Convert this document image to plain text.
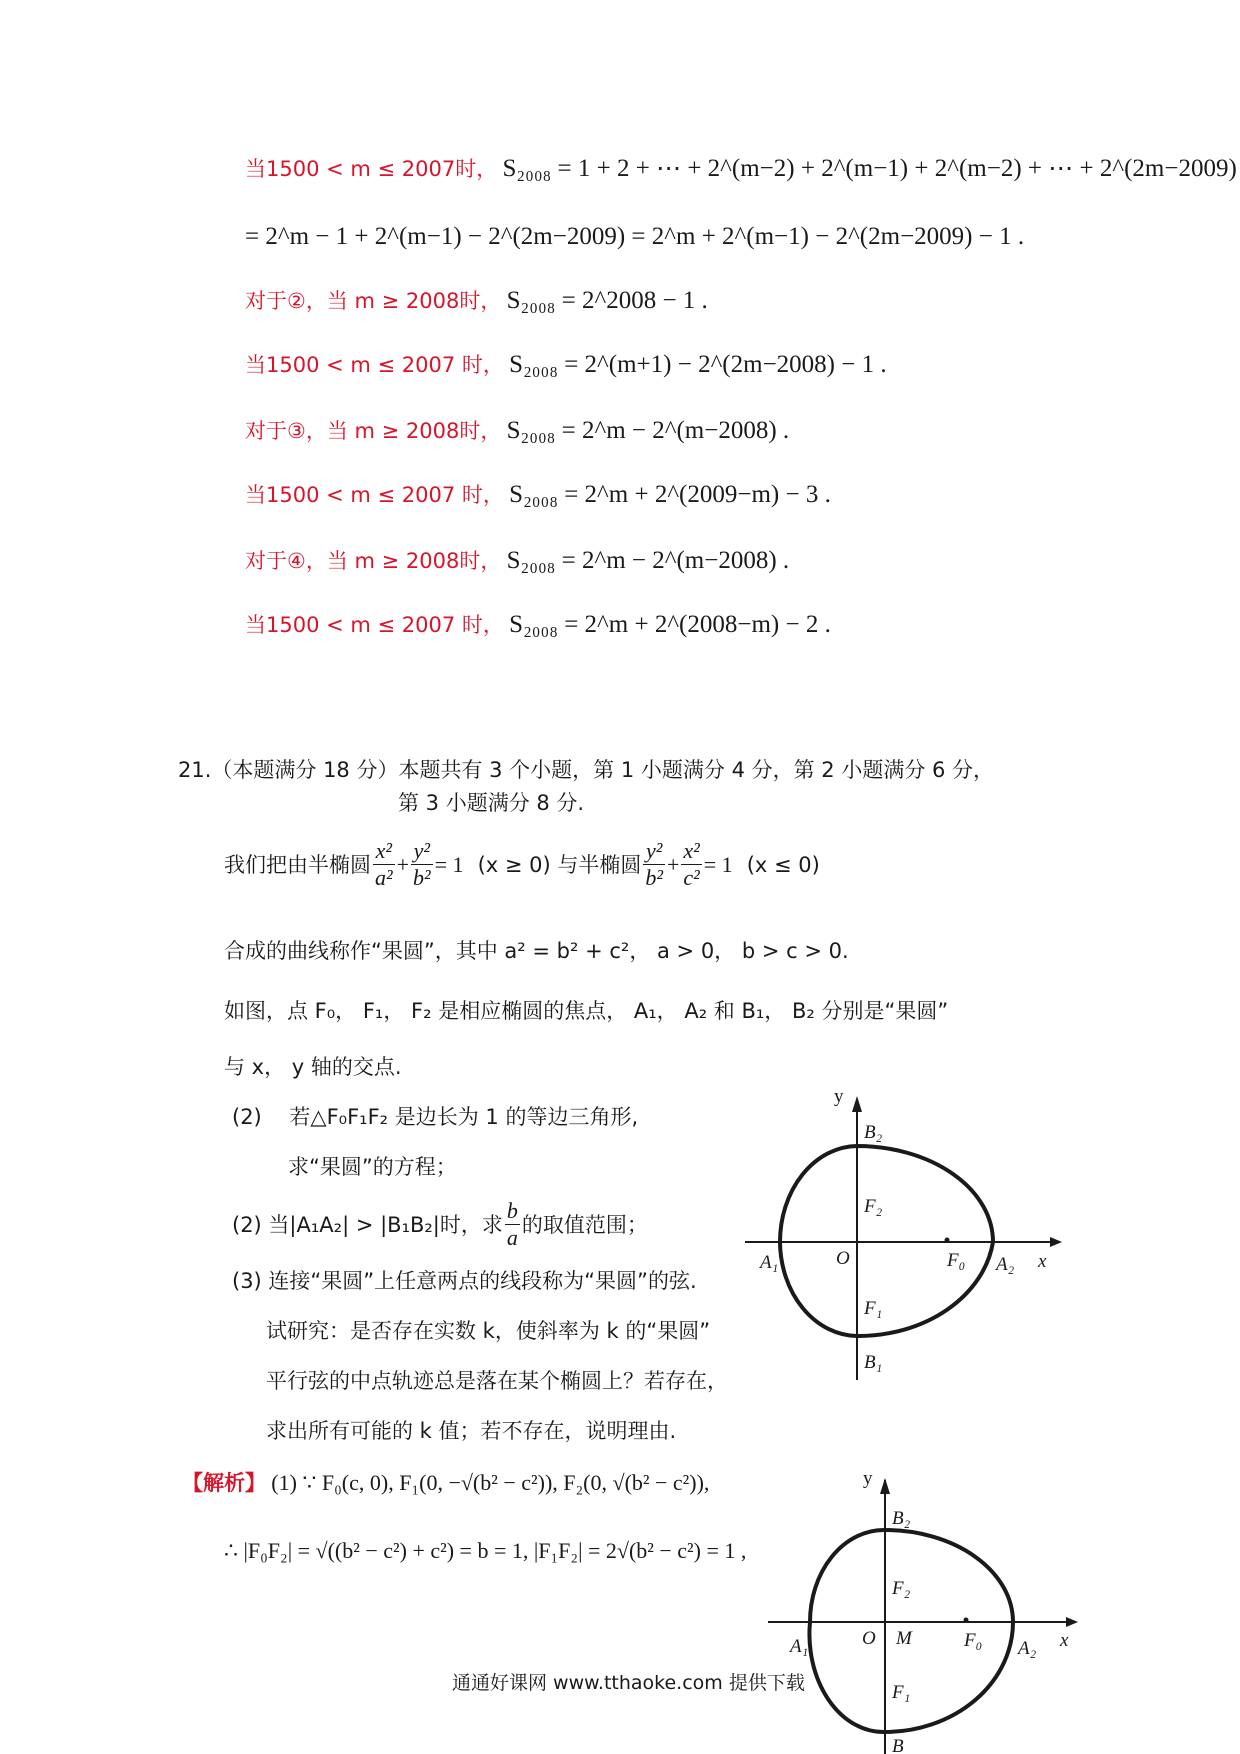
当1500 < m ≤ 2007时， S₂₀₀₈ = 1 + 2 + ⋯ + 2^(m−2) + 2^(m−1) + 2^(m−2) + ⋯ + 2^(2m−2009)
= 2^m − 1 + 2^(m−1) − 2^(2m−2009) = 2^m + 2^(m−1) − 2^(2m−2009) − 1 .
对于②，当 m ≥ 2008时， S₂₀₀₈ = 2^2008 − 1 .
当1500 < m ≤ 2007 时， S₂₀₀₈ = 2^(m+1) − 2^(2m−2008) − 1 .
对于③，当 m ≥ 2008时， S₂₀₀₈ = 2^m − 2^(m−2008) .
当1500 < m ≤ 2007 时， S₂₀₀₈ = 2^m + 2^(2009−m) − 3 .
对于④，当 m ≥ 2008时， S₂₀₀₈ = 2^m − 2^(m−2008) .
当1500 < m ≤ 2007 时， S₂₀₀₈ = 2^m + 2^(2008−m) − 2 .
21.（本题满分 18 分）本题共有 3 个小题，第 1 小题满分 4 分，第 2 小题满分 6 分，
第 3 小题满分 8 分.
我们把由半椭圆 $\frac{\text{x²}}{\text{a²}} + \frac{\text{y²}}{\text{b²}} = 1$ (x ≥ 0) 与半椭圆 $\frac{\text{y²}}{\text{b²}} + \frac{\text{x²}}{\text{c²}} = 1$ (x ≤ 0)
合成的曲线称作“果圆”，其中 a² = b² + c²， a > 0， b > c > 0.
如图，点 F₀， F₁， F₂ 是相应椭圆的焦点， A₁， A₂ 和 B₁， B₂ 分别是“果圆”
与 x， y 轴的交点.
(2)　 若△F₀F₁F₂ 是边长为 1 的等边三角形,
求“果圆”的方程；
(2) 当|A₁A₂| > |B₁B₂|时，求 $\frac{b}{a}$ 的取值范围；
(3) 连接“果圆”上任意两点的线段称为“果圆”的弦.
试研究：是否存在实数 k，使斜率为 k 的“果圆”
平行弦的中点轨迹总是落在某个椭圆上？若存在，
求出所有可能的 k 值；若不存在，说明理由.
y
x
O
A₁	A₂
B₂
B₁
F₂
F₁
F₀
【解析】 (1) ∵ F₀(c, 0), F₁(0, −√(b² − c²)), F₂(0, √(b² − c²)),
∴ |F₀F₂| = √((b² − c²) + c²) = b = 1, |F₁F₂| = 2√(b² − c²) = 1 ,
y
x
O M
A₁	A₂
B₂
B
F₂
F₁
F₀
通通好课网 www.tthaoke.com 提供下载
